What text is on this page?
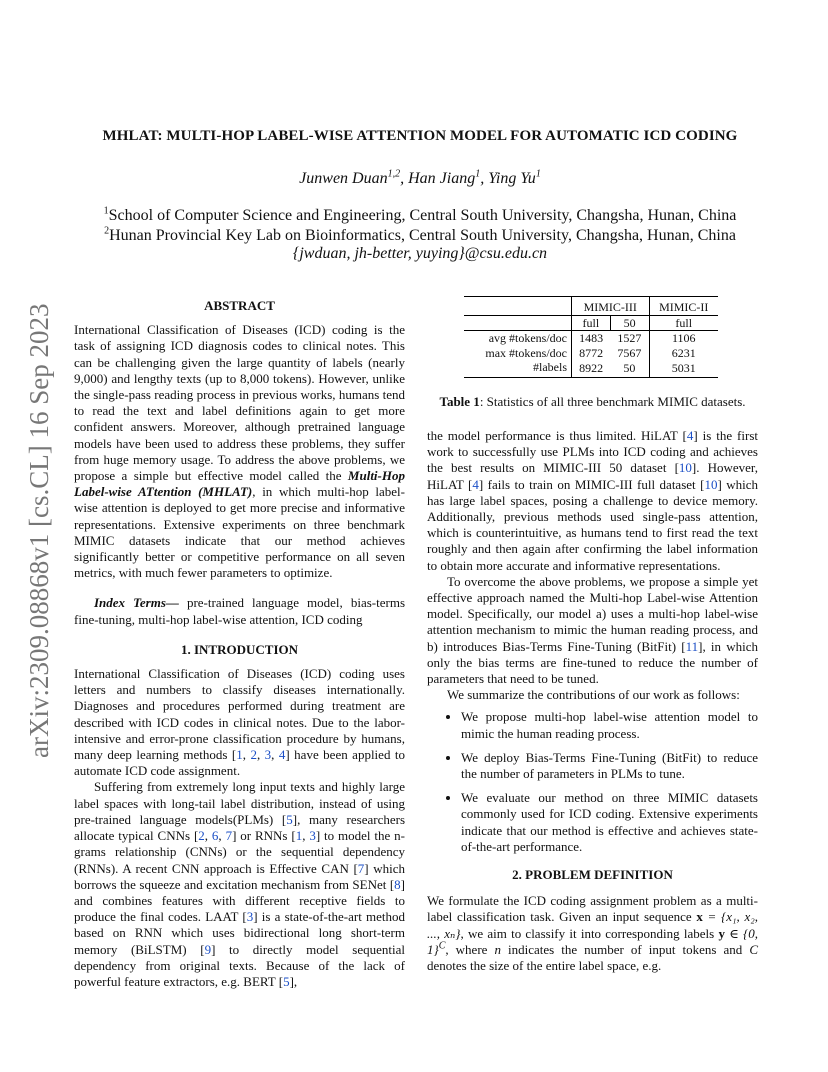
arXiv:2309.08868v1 [cs.CL] 16 Sep 2023
MHLAT: MULTI-HOP LABEL-WISE ATTENTION MODEL FOR AUTOMATIC ICD CODING
Junwen Duan$^{1,2}$, Han Jiang$^1$, Ying Yu$^1$
$^1$School of Computer Science and Engineering, Central South University, Changsha, Hunan, China
$^2$Hunan Provincial Key Lab on Bioinformatics, Central South University, Changsha, Hunan, China
{jwduan, jh-better, yuying}@csu.edu.cn

ABSTRACT

International Classification of Diseases (ICD) coding is the task of assigning ICD diagnosis codes to clinical notes. This can be challenging given the large quantity of labels (nearly 9,000) and lengthy texts (up to 8,000 tokens). However, unlike the single-pass reading process in previous works, humans tend to read the text and label definitions again to get more confident answers. Moreover, although pretrained language models have been used to address these problems, they suffer from huge memory usage. To address the above problems, we propose a simple but effective model called the Multi-Hop Label-wise ATtention (MHLAT), in which multi-hop label-wise attention is deployed to get more precise and informative representations. Extensive experiments on three benchmark MIMIC datasets indicate that our method achieves significantly better or competitive performance on all seven metrics, with much fewer parameters to optimize.

Index Terms— pre-trained language model, bias-terms fine-tuning, multi-hop label-wise attention, ICD coding

1. INTRODUCTION

International Classification of Diseases (ICD) coding uses letters and numbers to classify diseases internationally. Diagnoses and procedures performed during treatment are described with ICD codes in clinical notes. Due to the labor-intensive and error-prone classification procedure by humans, many deep learning methods [1, 2, 3, 4] have been applied to automate ICD code assignment.

Suffering from extremely long input texts and highly large label spaces with long-tail label distribution, instead of using pre-trained language models(PLMs) [5], many researchers allocate typical CNNs [2, 6, 7] or RNNs [1, 3] to model the n-grams relationship (CNNs) or the sequential dependency (RNNs). A recent CNN approach is Effective CAN [7] which borrows the squeeze and excitation mechanism from SENet [8] and combines features with different receptive fields to produce the final codes. LAAT [3] is a state-of-the-art method based on RNN which uses bidirectional long short-term memory (BiLSTM) [9] to directly model sequential dependency from original texts. Because of the lack of powerful feature extractors, e.g. BERT [5],

	MIMIC-III		MIMIC-II
	full	50	full
avg #tokens/doc	1483	1527	1106
max #tokens/doc	8772	7567	6231
#labels	8922	50	5031
Table 1: Statistics of all three benchmark MIMIC datasets.

the model performance is thus limited. HiLAT [4] is the first work to successfully use PLMs into ICD coding and achieves the best results on MIMIC-III 50 dataset [10]. However, HiLAT [4] fails to train on MIMIC-III full dataset [10] which has large label spaces, posing a challenge to device memory. Additionally, previous methods used single-pass attention, which is counterintuitive, as humans tend to first read the text roughly and then again after confirming the label information to obtain more accurate and informative representations.

To overcome the above problems, we propose a simple yet effective approach named the Multi-hop Label-wise Attention model. Specifically, our model a) uses a multi-hop label-wise attention mechanism to mimic the human reading process, and b) introduces Bias-Terms Fine-Tuning (BitFit) [11], in which only the bias terms are fine-tuned to reduce the number of parameters that need to be tuned.

We summarize the contributions of our work as follows:

• We propose multi-hop label-wise attention model to mimic the human reading process.
• We deploy Bias-Terms Fine-Tuning (BitFit) to reduce the number of parameters in PLMs to tune.
• We evaluate our method on three MIMIC datasets commonly used for ICD coding. Extensive experiments indicate that our method is effective and achieves state-of-the-art performance.

2. PROBLEM DEFINITION

We formulate the ICD coding assignment problem as a multi-label classification task. Given an input sequence x = {x₁, x₂, ..., xₙ}, we aim to classify it into corresponding labels y ∈ {0, 1}$^C$, where n indicates the number of input tokens and C denotes the size of the entire label space, e.g.
